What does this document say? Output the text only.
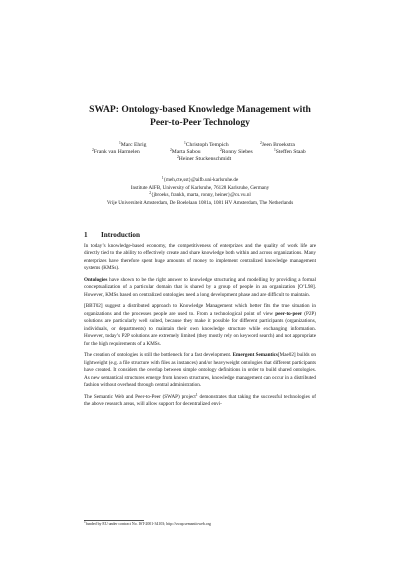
SWAP: Ontology-based Knowledge Management with
Peer-to-Peer Technology
$^1$Marc Ehrig	$^1$Christoph Tempich	$^2$Jeen Broekstra
$^2$Frank van Harmelen	$^2$Marta Sabou	$^2$Ronny Siebes	$^1$Steffen Staab
$^2$Heiner Stuckenschmidt
$^1${meh,cte,sst}@aifb.uni-karlsruhe.de
Institute AIFB, University of Karlsruhe, 76128 Karlsruhe, Germany
$^2${jbroeks, frankh, marta, ronny, heiner}@cs.vu.nl
Vrije Universiteit Amsterdam, De Boelelaan 1081a, 1081 HV Amsterdam, The Netherlands
1 Introduction

In today’s knowledge-based economy, the competitiveness of enterprizes and the quality of work life are directly tied to the ability to effectively create and share knowledge both within and across organizations. Many enterprizes have therefore spent huge amounts of money to implement centralized knowledge management systems (KMSs).

Ontologies have shown to be the right answer to knowledge structuring and modelling by providing a formal conceptualization of a particular domain that is shared by a group of people in an organization [O’L98]. However, KMSs based on centralized ontologies need a long development phase and are difficult to maintain.

[BBT02] suggest a distributed approach to Knowledge Management which better fits the true situation in organizations and the processes people are used to. From a technological point of view peer-to-peer (P2P) solutions are particularly well suited, because they make it possible for different participants (organizations, individuals, or departments) to maintain their own knowledge structure while exchanging information. However, today’s P2P solutions are extremely limited (they mostly rely on keyword search) and not appropriate for the high requirements of a KMSs.

The creation of ontologies is still the bottleneck for a fast development. Emergent Semantics[Mae02] builds on lightweight (e.g. a file structure with files as instances) and/or heavyweight ontologies that different participants have created. It considers the overlap between simple ontology definitions in order to build shared ontologies. As new semantical structures emerge from known structures, knowledge management can occur in a distributed fashion without overhead through central administration.

The Semantic Web and Peer-to-Peer (SWAP) project$^1$ demonstrates that taking the successful technologies of the above research areas, will allow support for decentralized envi-

$^1$funded by EU under contract No. IST-2001-34103; http://swap.semanticweb.org
